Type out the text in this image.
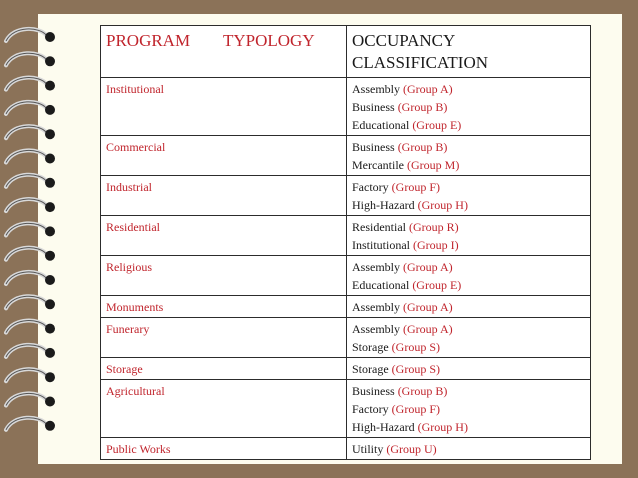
PROGRAM TYPOLOGY	OCCUPANCY CLASSIFICATION
Institutional	Assembly (Group A)
Business (Group B)
Educational (Group E)

Commercial	Business (Group B)
Mercantile (Group M)

Industrial	Factory (Group F)
High-Hazard (Group H)

Residential	Residential (Group R)
Institutional (Group I)

Religious	Assembly (Group A)
Educational (Group E)

Monuments	Assembly (Group A)

Funerary	Assembly (Group A)
Storage (Group S)

Storage	Storage (Group S)

Agricultural	Business (Group B)
Factory (Group F)
High-Hazard (Group H)

Public Works	Utility (Group U)
